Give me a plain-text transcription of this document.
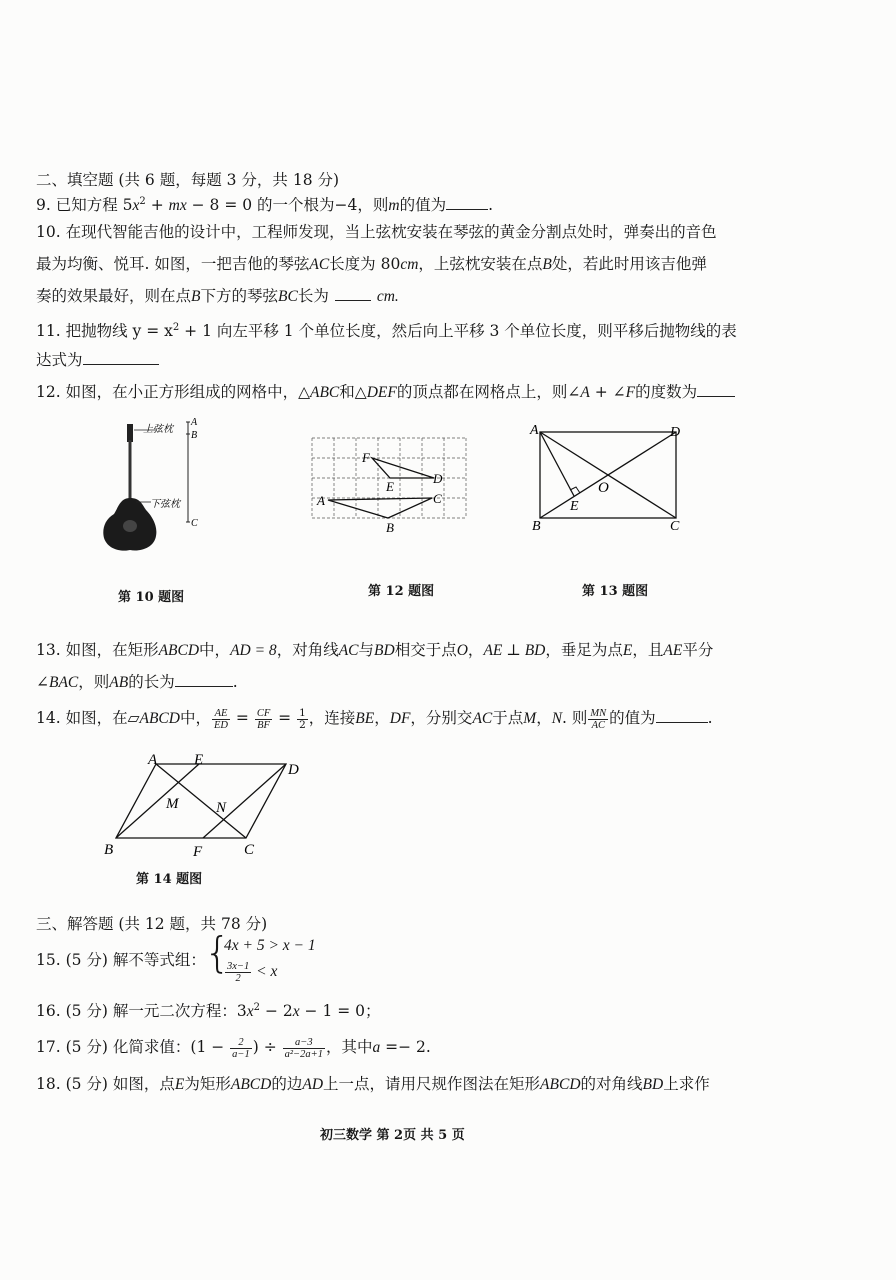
二、填空题 (共 6 题，每题 3 分，共 18 分)
9. 已知方程 $5x^2$ + mx − 8 = 0 的一个根为−4，则m的值为	.
10. 在现代智能吉他的设计中，工程师发现，当上弦枕安装在琴弦的黄金分割点处时，弹奏出的音色
最为均衡、悦耳. 如图，一把吉他的琴弦AC长度为 80cm，上弦枕安装在点B处，若此时用该吉他弹
奏的效果最好，则在点B下方的琴弦BC长为	cm.
11. 把抛物线 $y = x^2 + 1$ 向左平移 1 个单位长度，然后向上平移 3 个单位长度，则平移后抛物线的表
达式为
12. 如图，在小正方形组成的网格中，△ABC和△DEF的顶点都在网格点上，则∠A + ∠F的度数为
上弦枕
下弦枕
A
B
C
第 10 题图
F
D
E
A	C
B
第 12 题图
A	D
O
E
B	C
第 13 题图
13. 如图，在矩形ABCD中，AD = 8，对角线AC与BD相交于点O，AE ⊥ BD，垂足为点E，且AE平分
∠BAC，则AB的长为	.
14. 如图，在▱ABCD中， $\frac{AE}{ED} = \frac{CF}{BF} = \frac{1}{2}$ ，连接BE，DF，分别交AC于点M，N. 则 $\frac{MN}{AC}$ 的值为	.
A E
D
M	N
B	F	C
第 14 题图
三、解答题 (共 12 题，共 78 分)
15. (5 分) 解不等式组：
{
4x + 5 > x − 1
$\frac{3x-1}{2} < x$
16. (5 分) 解一元二次方程：$3x^2 - 2x - 1 = 0$；
17. (5 分) 化简求值：($1 - \frac{2}{a-1}$ ) ÷ $\frac{a-3}{\text{a²−2a+1}}$ ，其中a =− 2.
18. (5 分) 如图，点E为矩形ABCD的边AD上一点，请用尺规作图法在矩形ABCD的对角线BD上求作
初三数学 第 2页 共 5 页
